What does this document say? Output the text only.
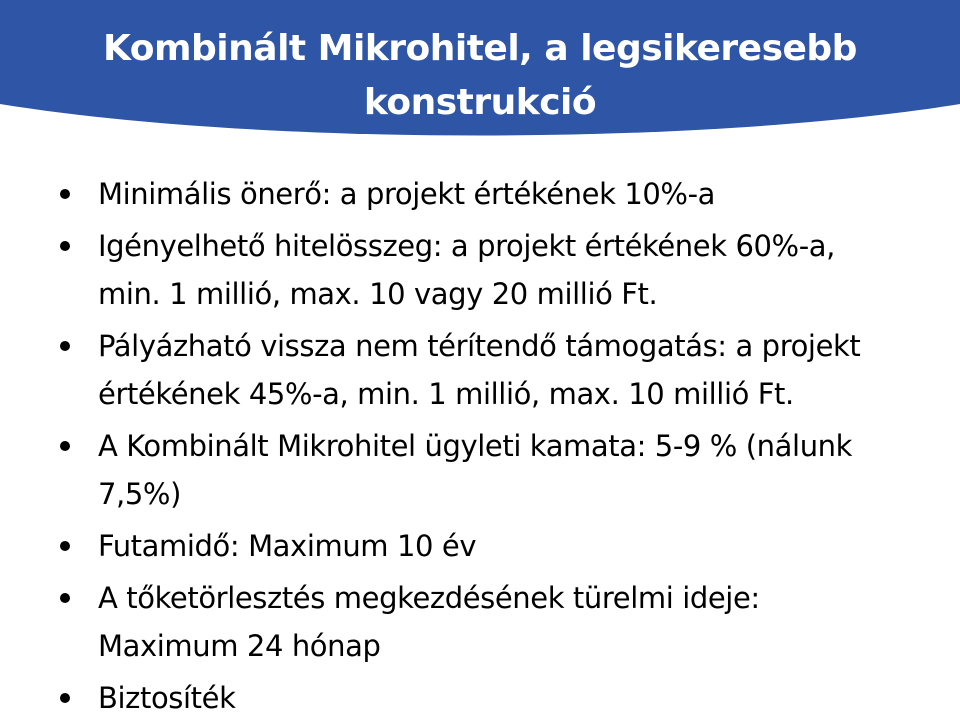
Kombinált Mikrohitel, a legsikeresebb
konstrukció
Minimális önerő: a projekt értékének 10%-a
Igényelhető hitelösszeg: a projekt értékének 60%-a,
min. 1 millió, max. 10 vagy 20 millió Ft.
Pályázható vissza nem térítendő támogatás: a projekt
értékének 45%-a, min. 1 millió, max. 10 millió Ft.
A Kombinált Mikrohitel ügyleti kamata: 5-9 % (nálunk
7,5%)
Futamidő: Maximum 10 év
A tőketörlesztés megkezdésének türelmi ideje:
Maximum 24 hónap
Biztosíték
